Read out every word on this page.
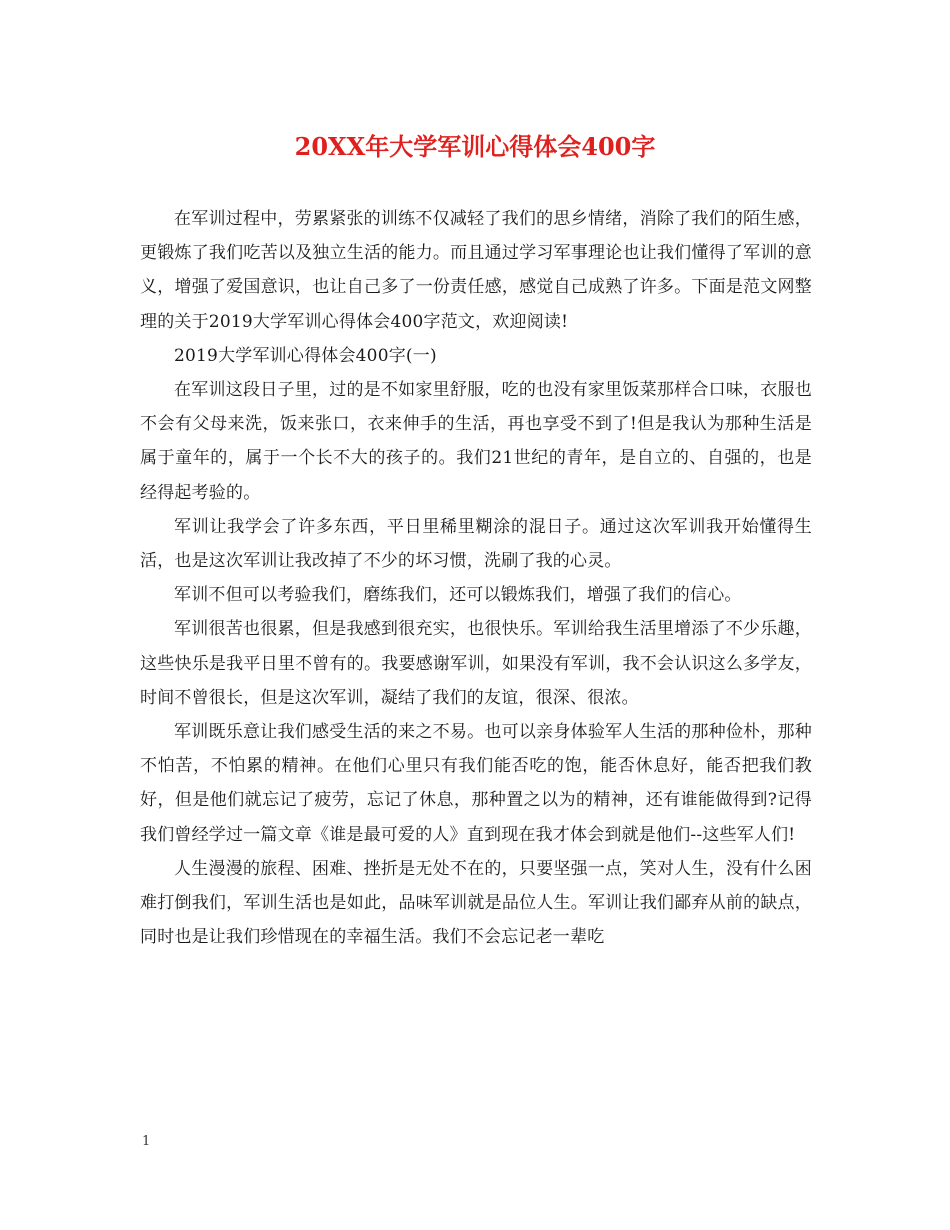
20XX年大学军训心得体会400字

在军训过程中，劳累紧张的训练不仅减轻了我们的思乡情绪，消除了我们的陌生感，更锻炼了我们吃苦以及独立生活的能力。而且通过学习军事理论也让我们懂得了军训的意义，增强了爱国意识，也让自己多了一份责任感，感觉自己成熟了许多。下面是范文网整理的关于2019大学军训心得体会400字范文，欢迎阅读!

2019大学军训心得体会400字(一)

在军训这段日子里，过的是不如家里舒服，吃的也没有家里饭菜那样合口味，衣服也不会有父母来洗，饭来张口，衣来伸手的生活，再也享受不到了!但是我认为那种生活是属于童年的，属于一个长不大的孩子的。我们21世纪的青年，是自立的、自强的，也是经得起考验的。

军训让我学会了许多东西，平日里稀里糊涂的混日子。通过这次军训我开始懂得生活，也是这次军训让我改掉了不少的坏习惯，洗刷了我的心灵。

军训不但可以考验我们，磨练我们，还可以锻炼我们，增强了我们的信心。

军训很苦也很累，但是我感到很充实，也很快乐。军训给我生活里增添了不少乐趣，这些快乐是我平日里不曾有的。我要感谢军训，如果没有军训，我不会认识这么多学友，时间不曾很长，但是这次军训，凝结了我们的友谊，很深、很浓。

军训既乐意让我们感受生活的来之不易。也可以亲身体验军人生活的那种俭朴，那种不怕苦，不怕累的精神。在他们心里只有我们能否吃的饱，能否休息好，能否把我们教好，但是他们就忘记了疲劳，忘记了休息，那种置之以为的精神，还有谁能做得到?记得我们曾经学过一篇文章《谁是最可爱的人》直到现在我才体会到就是他们--这些军人们!

人生漫漫的旅程、困难、挫折是无处不在的，只要坚强一点，笑对人生，没有什么困难打倒我们，军训生活也是如此，品味军训就是品位人生。军训让我们鄙弃从前的缺点，同时也是让我们珍惜现在的幸福生活。我们不会忘记老一辈吃

1
